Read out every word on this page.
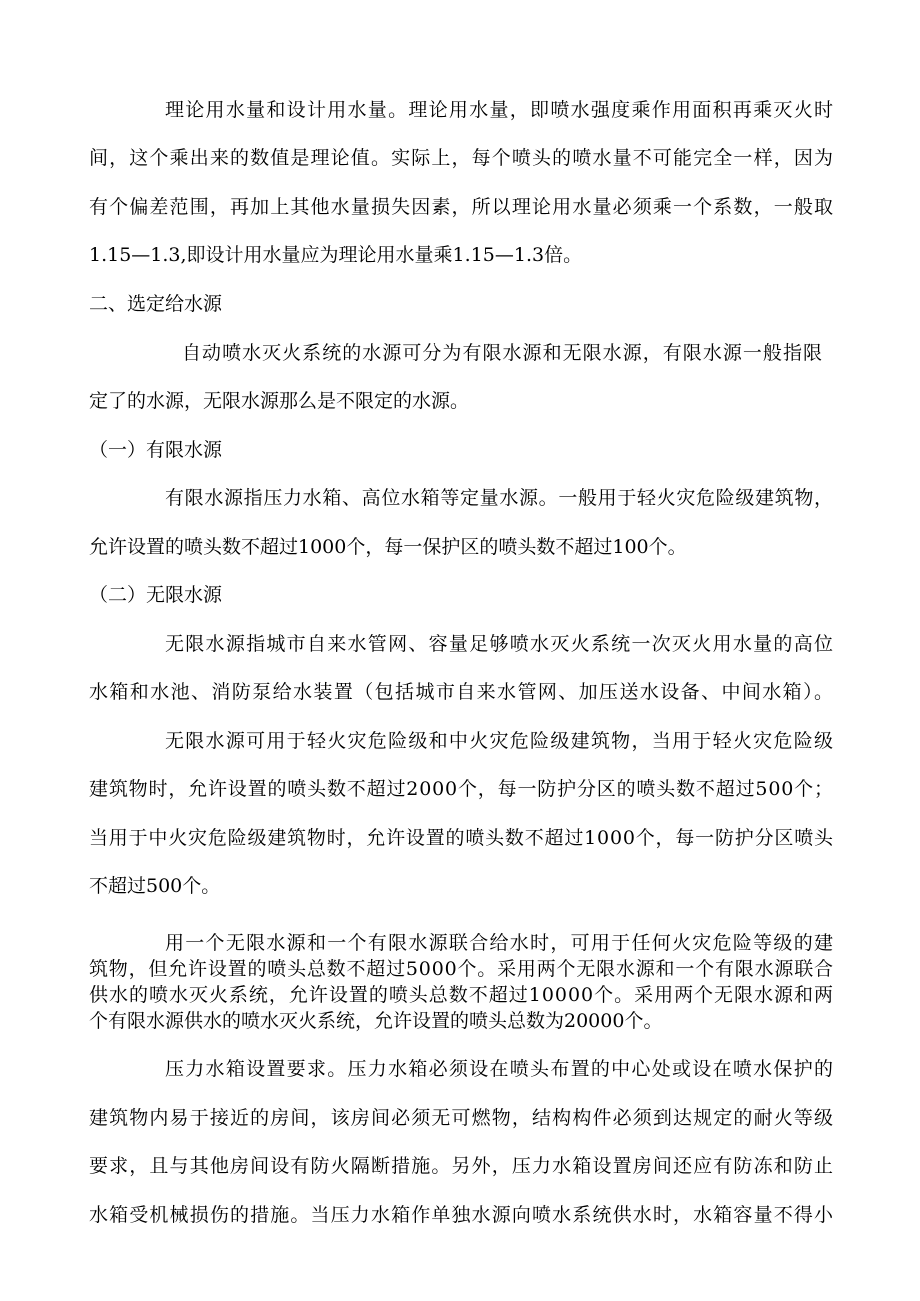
理论用水量和设计用水量。理论用水量，即喷水强度乘作用面积再乘灭火时
间，这个乘出来的数值是理论值。实际上，每个喷头的喷水量不可能完全一样，因为
有个偏差范围，再加上其他水量损失因素，所以理论用水量必须乘一个系数，一般取
1.15—1.3,即设计用水量应为理论用水量乘1.15—1.3倍。
二、选定给水源
自动喷水灭火系统的水源可分为有限水源和无限水源，有限水源一般指限
定了的水源，无限水源那么是不限定的水源。
（一）有限水源
有限水源指压力水箱、高位水箱等定量水源。一般用于轻火灾危险级建筑物，
允许设置的喷头数不超过1000个，每一保护区的喷头数不超过100个。
（二）无限水源
无限水源指城市自来水管网、容量足够喷水灭火系统一次灭火用水量的高位
水箱和水池、消防泵给水装置（包括城市自来水管网、加压送水设备、中间水箱）。
无限水源可用于轻火灾危险级和中火灾危险级建筑物，当用于轻火灾危险级
建筑物时，允许设置的喷头数不超过2000个，每一防护分区的喷头数不超过500个；
当用于中火灾危险级建筑物时，允许设置的喷头数不超过1000个，每一防护分区喷头
不超过500个。
用一个无限水源和一个有限水源联合给水时，可用于任何火灾危险等级的建
筑物，但允许设置的喷头总数不超过5000个。采用两个无限水源和一个有限水源联合
供水的喷水灭火系统，允许设置的喷头总数不超过10000个。采用两个无限水源和两
个有限水源供水的喷水灭火系统，允许设置的喷头总数为20000个。
压力水箱设置要求。压力水箱必须设在喷头布置的中心处或设在喷水保护的
建筑物内易于接近的房间，该房间必须无可燃物，结构构件必须到达规定的耐火等级
要求，且与其他房间设有防火隔断措施。另外，压力水箱设置房间还应有防冻和防止
水箱受机械损伤的措施。当压力水箱作单独水源向喷水系统供水时，水箱容量不得小
